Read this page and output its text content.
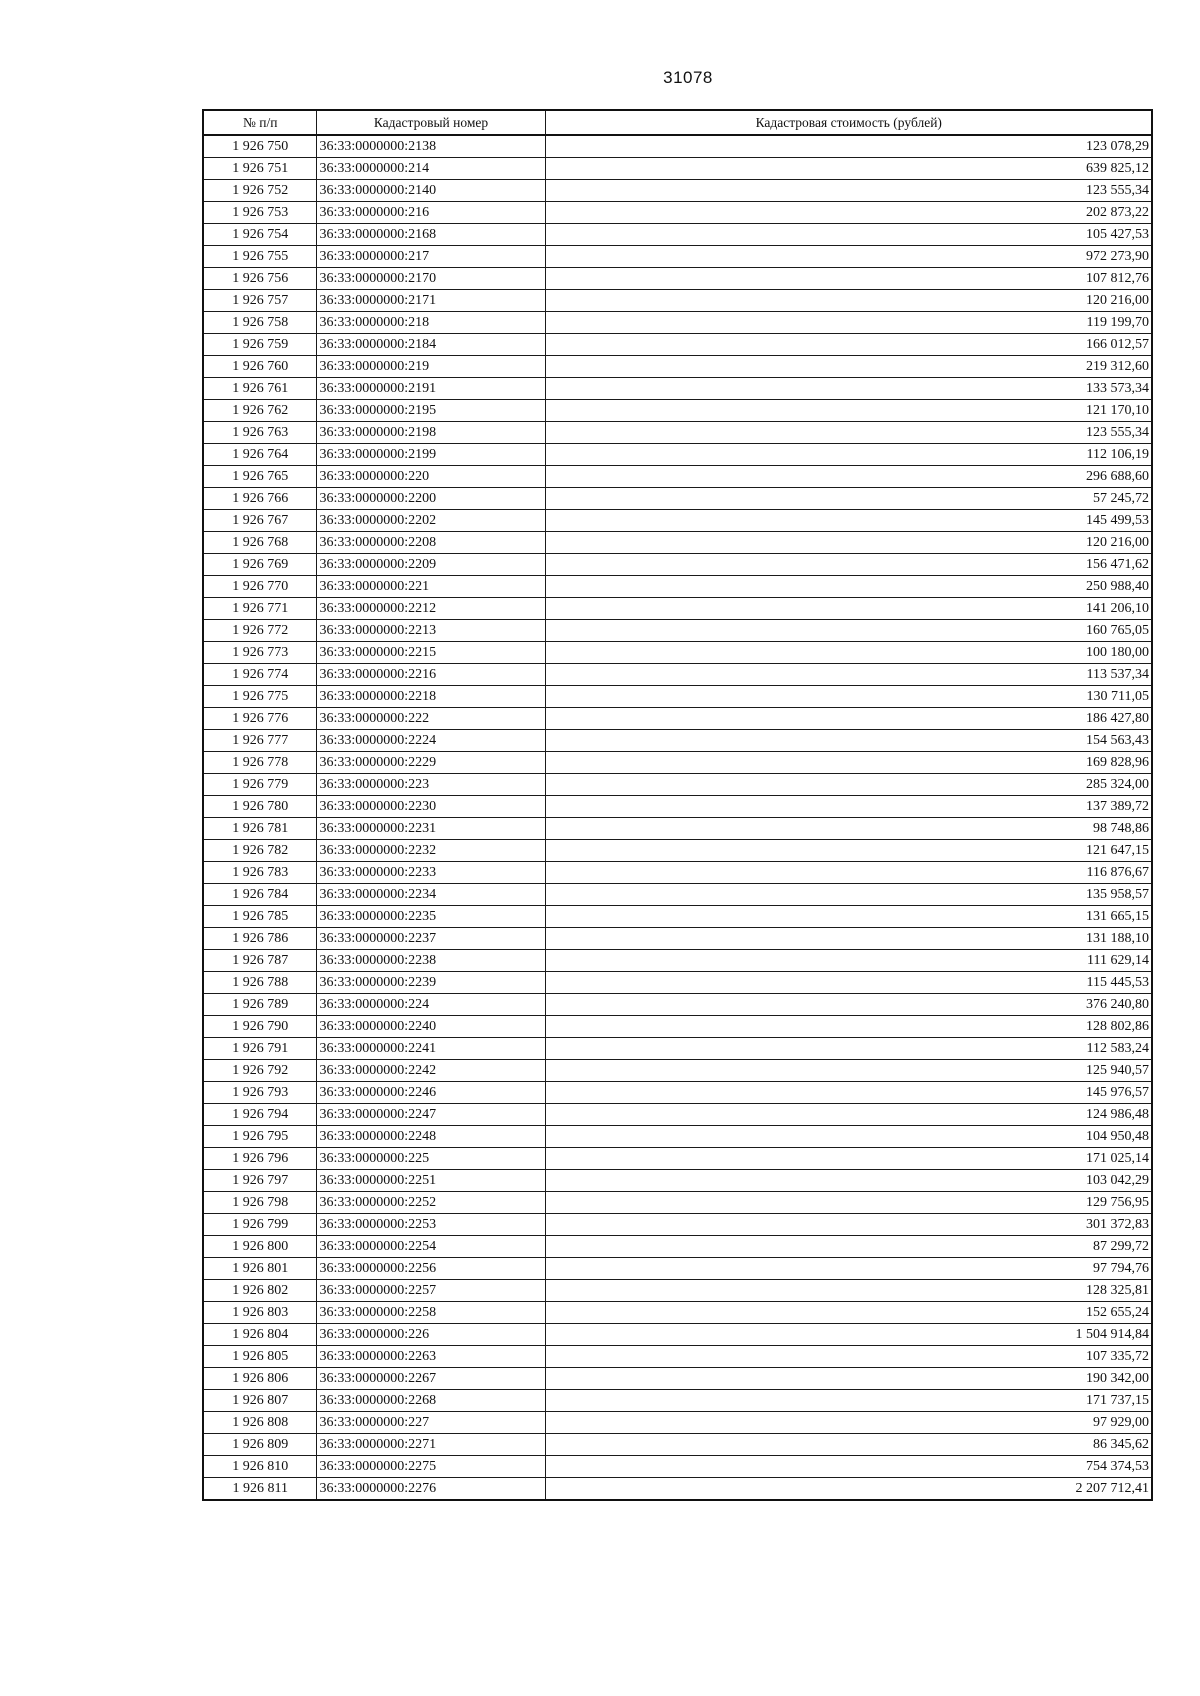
31078
№ п/п	Кадастровый номер	Кадастровая стоимость (рублей)
1 926 750	36:33:0000000:2138	123 078,29
1 926 751	36:33:0000000:214	639 825,12
1 926 752	36:33:0000000:2140	123 555,34
1 926 753	36:33:0000000:216	202 873,22
1 926 754	36:33:0000000:2168	105 427,53
1 926 755	36:33:0000000:217	972 273,90
1 926 756	36:33:0000000:2170	107 812,76
1 926 757	36:33:0000000:2171	120 216,00
1 926 758	36:33:0000000:218	119 199,70
1 926 759	36:33:0000000:2184	166 012,57
1 926 760	36:33:0000000:219	219 312,60
1 926 761	36:33:0000000:2191	133 573,34
1 926 762	36:33:0000000:2195	121 170,10
1 926 763	36:33:0000000:2198	123 555,34
1 926 764	36:33:0000000:2199	112 106,19
1 926 765	36:33:0000000:220	296 688,60
1 926 766	36:33:0000000:2200	57 245,72
1 926 767	36:33:0000000:2202	145 499,53
1 926 768	36:33:0000000:2208	120 216,00
1 926 769	36:33:0000000:2209	156 471,62
1 926 770	36:33:0000000:221	250 988,40
1 926 771	36:33:0000000:2212	141 206,10
1 926 772	36:33:0000000:2213	160 765,05
1 926 773	36:33:0000000:2215	100 180,00
1 926 774	36:33:0000000:2216	113 537,34
1 926 775	36:33:0000000:2218	130 711,05
1 926 776	36:33:0000000:222	186 427,80
1 926 777	36:33:0000000:2224	154 563,43
1 926 778	36:33:0000000:2229	169 828,96
1 926 779	36:33:0000000:223	285 324,00
1 926 780	36:33:0000000:2230	137 389,72
1 926 781	36:33:0000000:2231	98 748,86
1 926 782	36:33:0000000:2232	121 647,15
1 926 783	36:33:0000000:2233	116 876,67
1 926 784	36:33:0000000:2234	135 958,57
1 926 785	36:33:0000000:2235	131 665,15
1 926 786	36:33:0000000:2237	131 188,10
1 926 787	36:33:0000000:2238	111 629,14
1 926 788	36:33:0000000:2239	115 445,53
1 926 789	36:33:0000000:224	376 240,80
1 926 790	36:33:0000000:2240	128 802,86
1 926 791	36:33:0000000:2241	112 583,24
1 926 792	36:33:0000000:2242	125 940,57
1 926 793	36:33:0000000:2246	145 976,57
1 926 794	36:33:0000000:2247	124 986,48
1 926 795	36:33:0000000:2248	104 950,48
1 926 796	36:33:0000000:225	171 025,14
1 926 797	36:33:0000000:2251	103 042,29
1 926 798	36:33:0000000:2252	129 756,95
1 926 799	36:33:0000000:2253	301 372,83
1 926 800	36:33:0000000:2254	87 299,72
1 926 801	36:33:0000000:2256	97 794,76
1 926 802	36:33:0000000:2257	128 325,81
1 926 803	36:33:0000000:2258	152 655,24
1 926 804	36:33:0000000:226	1 504 914,84
1 926 805	36:33:0000000:2263	107 335,72
1 926 806	36:33:0000000:2267	190 342,00
1 926 807	36:33:0000000:2268	171 737,15
1 926 808	36:33:0000000:227	97 929,00
1 926 809	36:33:0000000:2271	86 345,62
1 926 810	36:33:0000000:2275	754 374,53
1 926 811	36:33:0000000:2276	2 207 712,41
